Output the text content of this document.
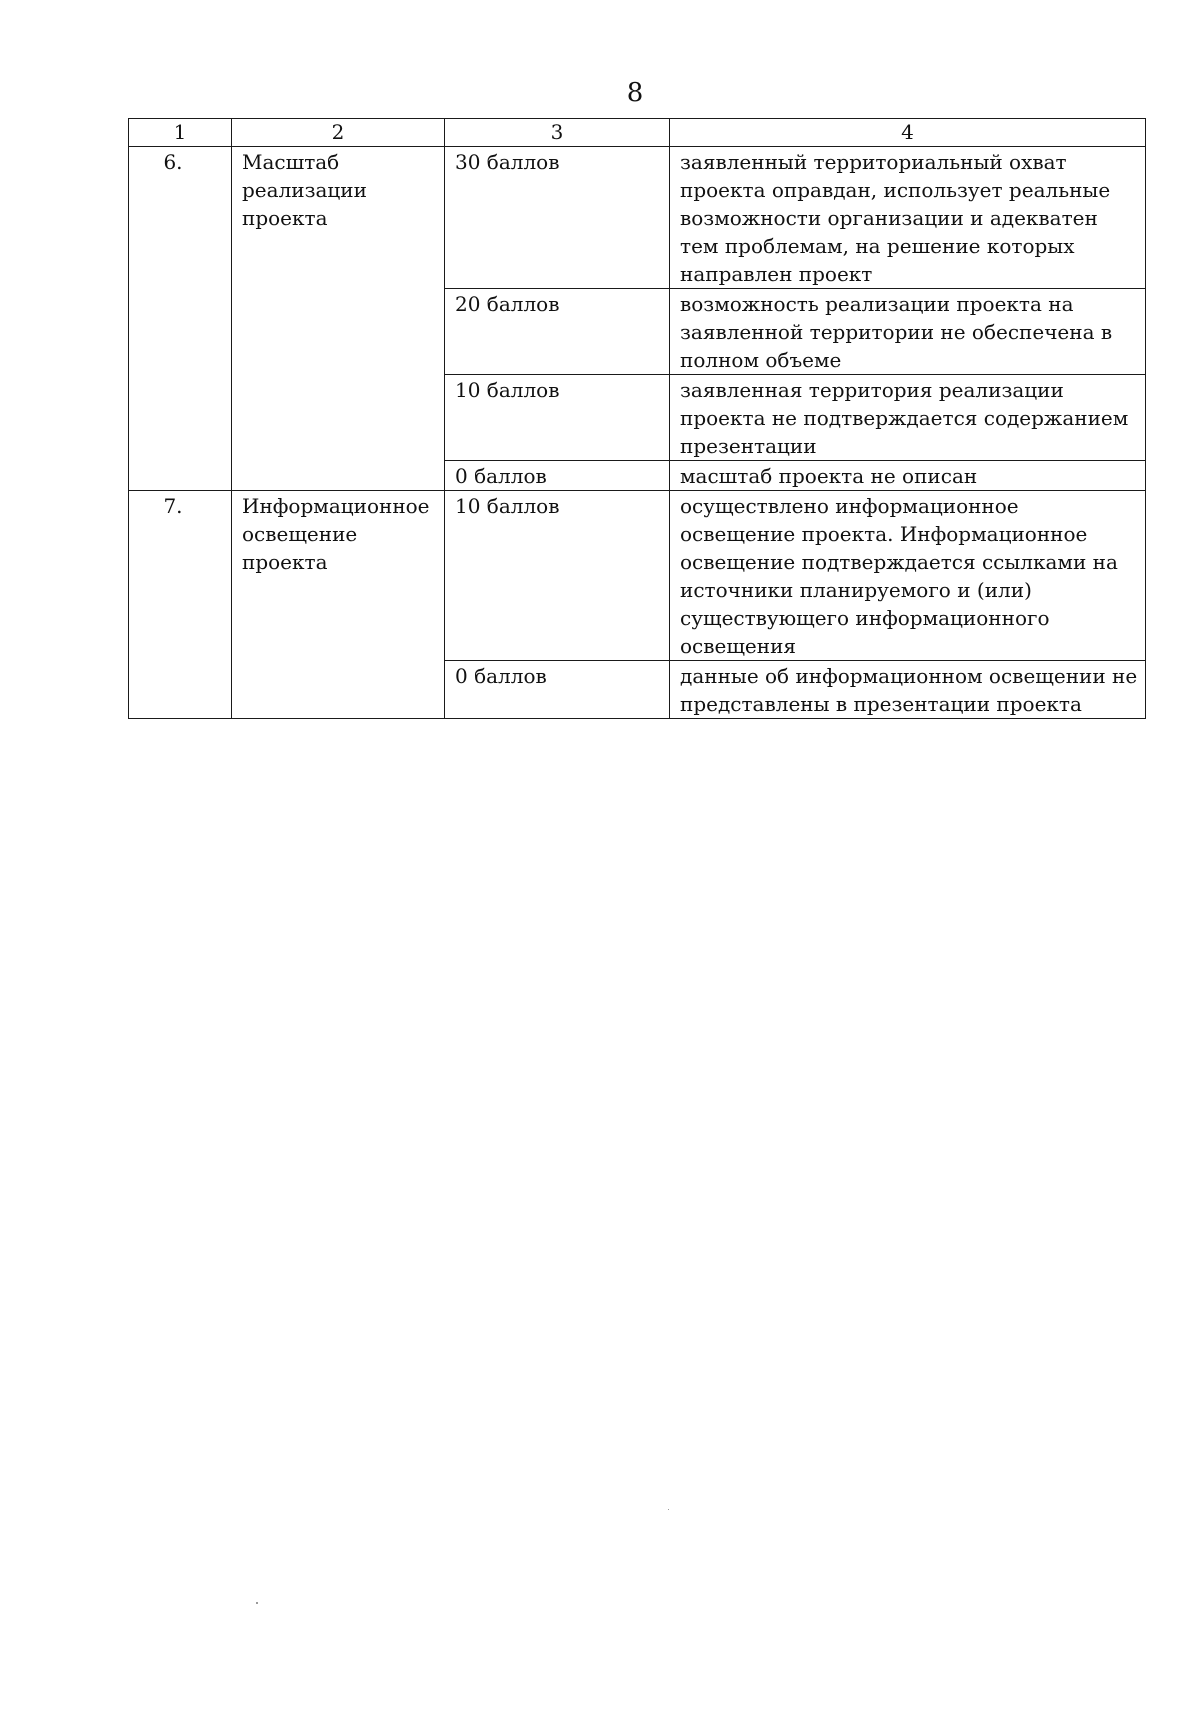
8
1	2	3	4
6.	Масштаб реализации проекта	30 баллов	заявленный территориальный охват проекта оправдан, использует реальные возможности организации и адекватен тем проблемам, на решение которых направлен проект
		20 баллов	возможность реализации проекта на заявленной территории не обеспечена в полном объеме
		10 баллов	заявленная территория реализации проекта не подтверждается содержанием презентации
		0 баллов	масштаб проекта не описан
7.	Информационное освещение проекта	10 баллов	осуществлено информационное освещение проекта. Информационное освещение подтверждается ссылками на источники планируемого и (или) существующего информационного освещения
		0 баллов	данные об информационном освещении не представлены в презентации проекта
